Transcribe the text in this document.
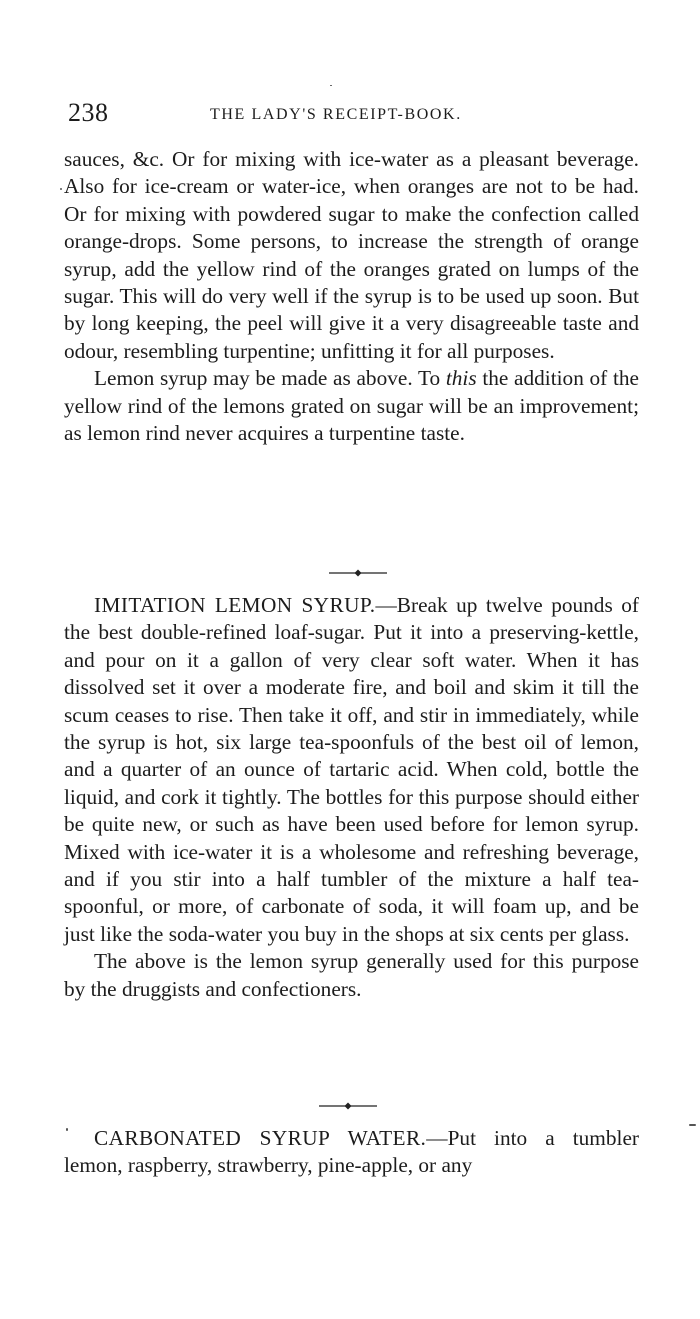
238	THE LADY'S RECEIPT-BOOK.

sauces, &c. Or for mixing with ice-water as a pleasant beverage. Also for ice-cream or water-ice, when oranges are not to be had. Or for mixing with powdered sugar to make the confection called orange-drops. Some persons, to increase the strength of orange syrup, add the yellow rind of the oranges grated on lumps of the sugar. This will do very well if the syrup is to be used up soon. But by long keeping, the peel will give it a very disagreeable taste and odour, resembling turpentine; unfitting it for all purposes.

Lemon syrup may be made as above. To this the addition of the yellow rind of the lemons grated on sugar will be an improvement; as lemon rind never acquires a turpentine taste.

IMITATION LEMON SYRUP.—Break up twelve pounds of the best double-refined loaf-sugar. Put it into a preserving-kettle, and pour on it a gallon of very clear soft water. When it has dissolved set it over a moderate fire, and boil and skim it till the scum ceases to rise. Then take it off, and stir in immediately, while the syrup is hot, six large tea-spoonfuls of the best oil of lemon, and a quarter of an ounce of tartaric acid. When cold, bottle the liquid, and cork it tightly. The bottles for this purpose should either be quite new, or such as have been used before for lemon syrup. Mixed with ice-water it is a wholesome and refreshing beverage, and if you stir into a half tumbler of the mixture a half tea-spoonful, or more, of carbonate of soda, it will foam up, and be just like the soda-water you buy in the shops at six cents per glass.

The above is the lemon syrup generally used for this purpose by the druggists and confectioners.

CARBONATED SYRUP WATER.—Put into a tumbler lemon, raspberry, strawberry, pine-apple, or any
